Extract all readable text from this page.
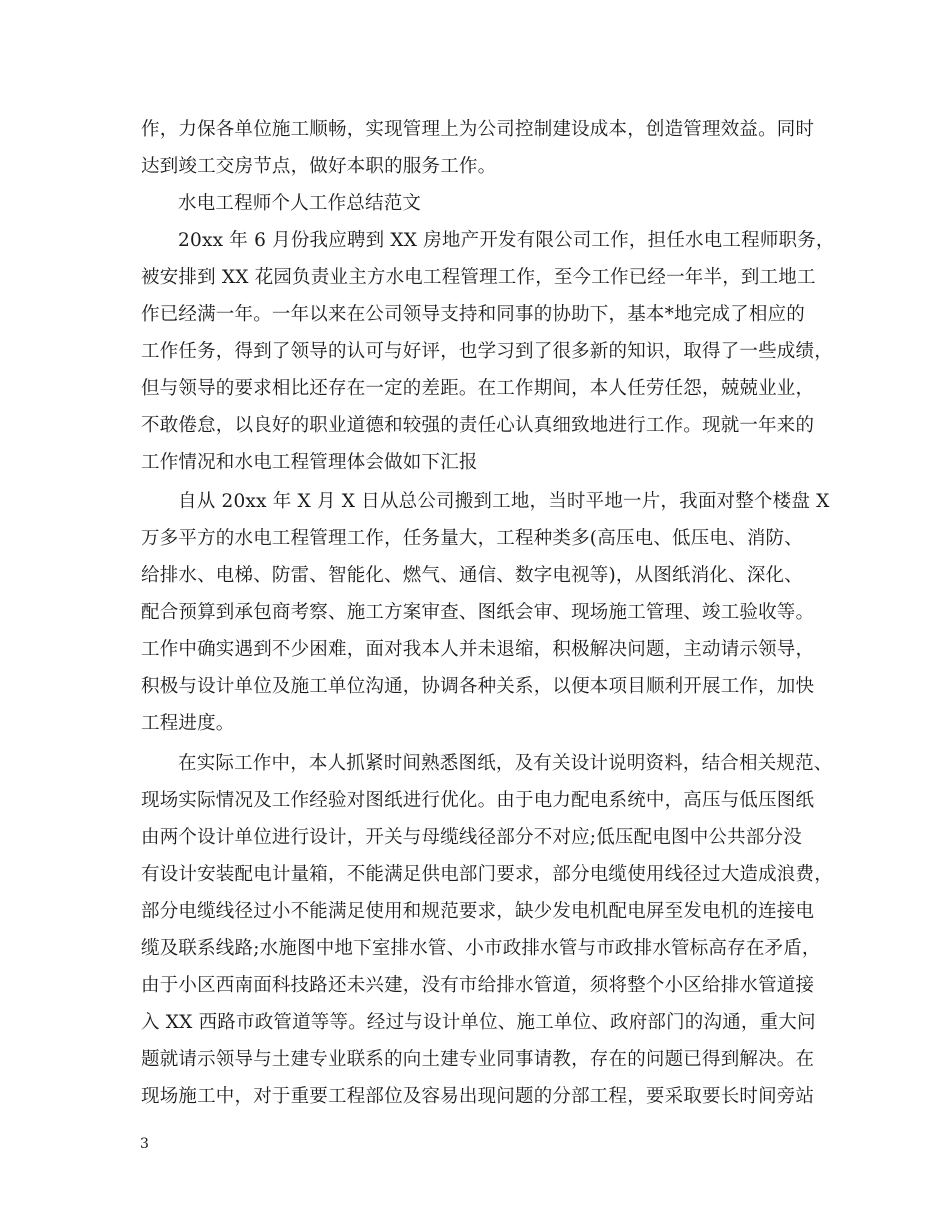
作，力保各单位施工顺畅，实现管理上为公司控制建设成本，创造管理效益。同时
达到竣工交房节点，做好本职的服务工作。
水电工程师个人工作总结范文
20xx 年 6 月份我应聘到 XX 房地产开发有限公司工作，担任水电工程师职务，
被安排到 XX 花园负责业主方水电工程管理工作，至今工作已经一年半，到工地工
作已经满一年。一年以来在公司领导支持和同事的协助下，基本*地完成了相应的
工作任务，得到了领导的认可与好评，也学习到了很多新的知识，取得了一些成绩，
但与领导的要求相比还存在一定的差距。在工作期间，本人任劳任怨，兢兢业业，
不敢倦怠，以良好的职业道德和较强的责任心认真细致地进行工作。现就一年来的
工作情况和水电工程管理体会做如下汇报
自从 20xx 年 X 月 X 日从总公司搬到工地，当时平地一片，我面对整个楼盘 X
万多平方的水电工程管理工作，任务量大，工程种类多(高压电、低压电、消防、
给排水、电梯、防雷、智能化、燃气、通信、数字电视等)，从图纸消化、深化、
配合预算到承包商考察、施工方案审查、图纸会审、现场施工管理、竣工验收等。
工作中确实遇到不少困难，面对我本人并未退缩，积极解决问题，主动请示领导，
积极与设计单位及施工单位沟通，协调各种关系，以便本项目顺利开展工作，加快
工程进度。
在实际工作中，本人抓紧时间熟悉图纸，及有关设计说明资料，结合相关规范、
现场实际情况及工作经验对图纸进行优化。由于电力配电系统中，高压与低压图纸
由两个设计单位进行设计，开关与母缆线径部分不对应;低压配电图中公共部分没
有设计安装配电计量箱，不能满足供电部门要求，部分电缆使用线径过大造成浪费，
部分电缆线径过小不能满足使用和规范要求，缺少发电机配电屏至发电机的连接电
缆及联系线路;水施图中地下室排水管、小市政排水管与市政排水管标高存在矛盾，
由于小区西南面科技路还未兴建，没有市给排水管道，须将整个小区给排水管道接
入 XX 西路市政管道等等。经过与设计单位、施工单位、政府部门的沟通，重大问
题就请示领导与土建专业联系的向土建专业同事请教，存在的问题已得到解决。在
现场施工中，对于重要工程部位及容易出现问题的分部工程，要采取要长时间旁站
3
